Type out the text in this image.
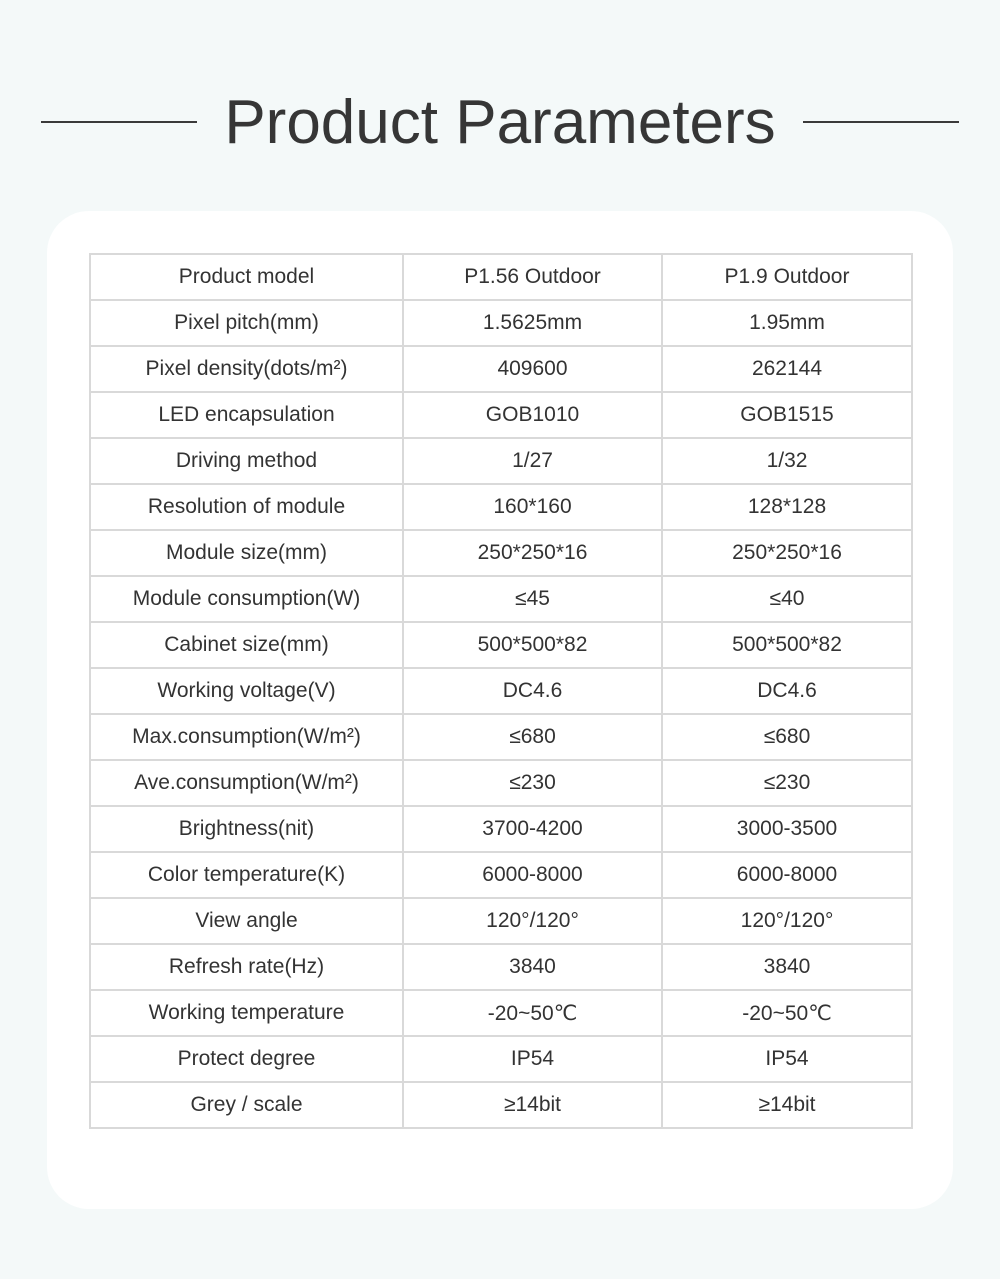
Product Parameters
Product model	P1.56 Outdoor	P1.9 Outdoor
Pixel pitch(mm)	1.5625mm	1.95mm
Pixel density(dots/m²)	409600	262144
LED encapsulation	GOB1010	GOB1515
Driving method	1/27	1/32
Resolution of module	160*160	128*128
Module size(mm)	250*250*16	250*250*16
Module consumption(W)	≤45	≤40
Cabinet size(mm)	500*500*82	500*500*82
Working voltage(V)	DC4.6	DC4.6
Max.consumption(W/m²)	≤680	≤680
Ave.consumption(W/m²)	≤230	≤230
Brightness(nit)	3700-4200	3000-3500
Color temperature(K)	6000-8000	6000-8000
View angle	120°/120°	120°/120°
Refresh rate(Hz)	3840	3840
Working temperature	-20~50℃	-20~50℃
Protect degree	IP54	IP54
Grey / scale	≥14bit	≥14bit
